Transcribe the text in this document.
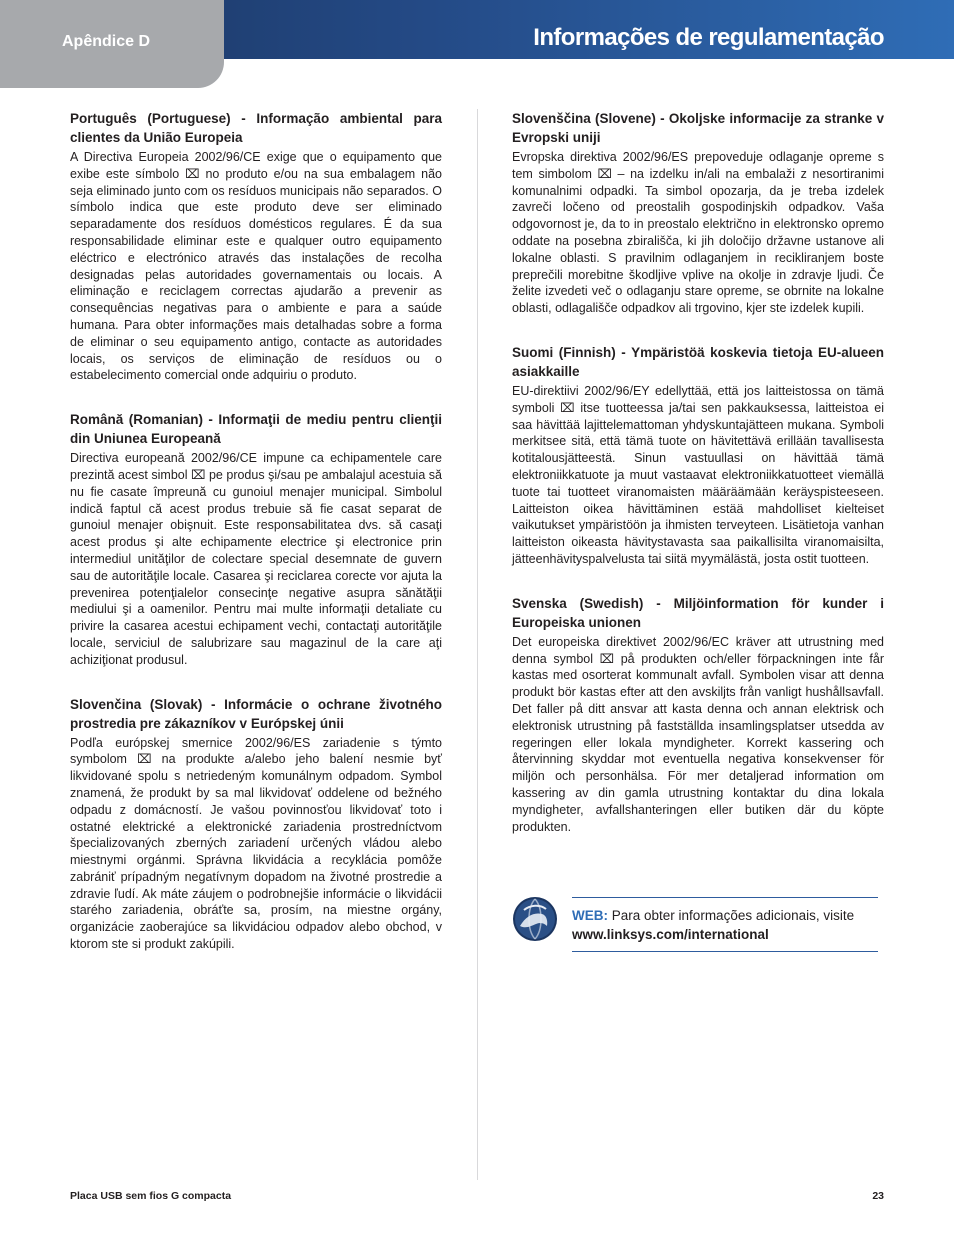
Apêndice D	Informações de regulamentação
Português (Portuguese) - Informação ambiental para clientes da União Europeia
A Directiva Europeia 2002/96/CE exige que o equipamento que exibe este símbolo ⌧ no produto e/ou na sua embalagem não seja eliminado junto com os resíduos municipais não separados. O símbolo indica que este produto deve ser eliminado separadamente dos resíduos domésticos regulares. É da sua responsabilidade eliminar este e qualquer outro equipamento eléctrico e electrónico através das instalações de recolha designadas pelas autoridades governamentais ou locais. A eliminação e reciclagem correctas ajudarão a prevenir as consequências negativas para o ambiente e para a saúde humana. Para obter informações mais detalhadas sobre a forma de eliminar o seu equipamento antigo, contacte as autoridades locais, os serviços de eliminação de resíduos ou o estabelecimento comercial onde adquiriu o produto.
Română (Romanian) - Informaţii de mediu pentru clienţii din Uniunea Europeană
Directiva europeană 2002/96/CE impune ca echipamentele care prezintă acest simbol ⌧ pe produs şi/sau pe ambalajul acestuia să nu fie casate împreună cu gunoiul menajer municipal. Simbolul indică faptul că acest produs trebuie să fie casat separat de gunoiul menajer obişnuit. Este responsabilitatea dvs. să casaţi acest produs şi alte echipamente electrice şi electronice prin intermediul unităţilor de colectare special desemnate de guvern sau de autorităţile locale. Casarea şi reciclarea corecte vor ajuta la prevenirea potenţialelor consecinţe negative asupra sănătăţii mediului şi a oamenilor. Pentru mai multe informaţii detaliate cu privire la casarea acestui echipament vechi, contactaţi autorităţile locale, serviciul de salubrizare sau magazinul de la care aţi achiziţionat produsul.
Slovenčina (Slovak) - Informácie o ochrane životného prostredia pre zákazníkov v Európskej únii
Podľa európskej smernice 2002/96/ES zariadenie s týmto symbolom ⌧ na produkte a/alebo jeho balení nesmie byť likvidované spolu s netriedeným komunálnym odpadom. Symbol znamená, že produkt by sa mal likvidovať oddelene od bežného odpadu z domácností. Je vašou povinnosťou likvidovať toto i ostatné elektrické a elektronické zariadenia prostredníctvom špecializovaných zberných zariadení určených vládou alebo miestnymi orgánmi. Správna likvidácia a recyklácia pomôže zabrániť prípadným negatívnym dopadom na životné prostredie a zdravie ľudí. Ak máte záujem o podrobnejšie informácie o likvidácii starého zariadenia, obráťte sa, prosím, na miestne orgány, organizácie zaoberajúce sa likvidáciou odpadov alebo obchod, v ktorom ste si produkt zakúpili.
Slovenščina (Slovene) - Okoljske informacije za stranke v Evropski uniji
Evropska direktiva 2002/96/ES prepoveduje odlaganje opreme s tem simbolom ⌧ – na izdelku in/ali na embalaži z nesortiranimi komunalnimi odpadki. Ta simbol opozarja, da je treba izdelek zavreči ločeno od preostalih gospodinjskih odpadkov. Vaša odgovornost je, da to in preostalo električno in elektronsko opremo oddate na posebna zbirališča, ki jih določijo državne ustanove ali lokalne oblasti. S pravilnim odlaganjem in recikliranjem boste preprečili morebitne škodljive vplive na okolje in zdravje ljudi. Če želite izvedeti več o odlaganju stare opreme, se obrnite na lokalne oblasti, odlagališče odpadkov ali trgovino, kjer ste izdelek kupili.
Suomi (Finnish) - Ympäristöä koskevia tietoja EU-alueen asiakkaille
EU-direktiivi 2002/96/EY edellyttää, että jos laitteistossa on tämä symboli ⌧ itse tuotteessa ja/tai sen pakkauksessa, laitteistoa ei saa hävittää lajittelemattoman yhdyskuntajätteen mukana. Symboli merkitsee sitä, että tämä tuote on hävitettävä erillään tavallisesta kotitalousjätteestä. Sinun vastuullasi on hävittää tämä elektroniikkatuote ja muut vastaavat elektroniikkatuotteet viemällä tuote tai tuotteet viranomaisten määräämään keräyspisteeseen. Laitteiston oikea hävittäminen estää mahdolliset kielteiset vaikutukset ympäristöön ja ihmisten terveyteen. Lisätietoja vanhan laitteiston oikeasta hävitystavasta saa paikallisilta viranomaisilta, jätteenhävityspalvelusta tai siitä myymälästä, josta ostit tuotteen.
Svenska (Swedish) - Miljöinformation för kunder i Europeiska unionen
Det europeiska direktivet 2002/96/EC kräver att utrustning med denna symbol ⌧ på produkten och/eller förpackningen inte får kastas med osorterat kommunalt avfall. Symbolen visar att denna produkt bör kastas efter att den avskiljts från vanligt hushållsavfall. Det faller på ditt ansvar att kasta denna och annan elektrisk och elektronisk utrustning på fastställda insamlingsplatser utsedda av regeringen eller lokala myndigheter. Korrekt kassering och återvinning skyddar mot eventuella negativa konsekvenser för miljön och personhälsa. För mer detaljerad information om kassering av din gamla utrustning kontaktar du dina lokala myndigheter, avfallshanteringen eller butiken där du köpte produkten.
WEB: Para obter informações adicionais, visite
www.linksys.com/international
Placa USB sem fios G compacta	23
